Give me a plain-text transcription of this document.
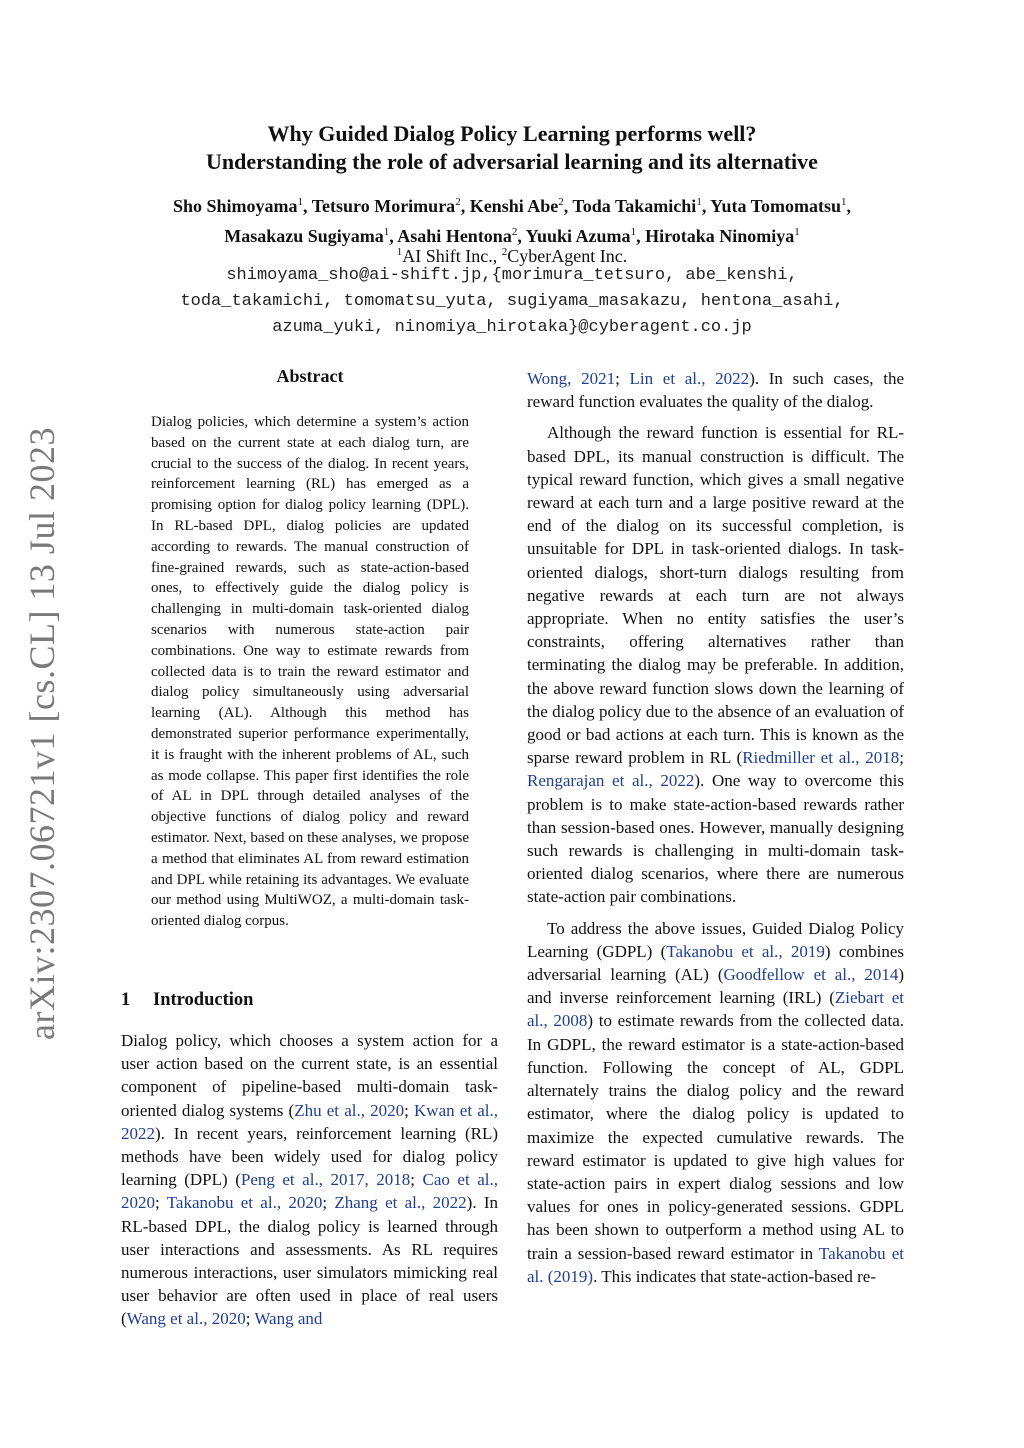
arXiv:2307.06721v1 [cs.CL] 13 Jul 2023
Why Guided Dialog Policy Learning performs well?
Understanding the role of adversarial learning and its alternative
Sho Shimoyama$^1$, Tetsuro Morimura$^2$, Kenshi Abe$^2$, Toda Takamichi$^1$, Yuta Tomomatsu$^1$,
Masakazu Sugiyama$^1$, Asahi Hentona$^2$, Yuuki Azuma$^1$, Hirotaka Ninomiya$^1$
$^1$AI Shift Inc., $^2$CyberAgent Inc.
shimoyama_sho@ai-shift.jp,{morimura_tetsuro, abe_kenshi,
toda_takamichi, tomomatsu_yuta, sugiyama_masakazu, hentona_asahi,
azuma_yuki, ninomiya_hirotaka}@cyberagent.co.jp
Abstract
Dialog policies, which determine a system’s action based on the current state at each dialog turn, are crucial to the success of the dialog. In recent years, reinforcement learning (RL) has emerged as a promising option for dialog policy learning (DPL). In RL-based DPL, dialog policies are updated according to rewards. The manual construction of fine-grained rewards, such as state-action-based ones, to effectively guide the dialog policy is challenging in multi-domain task-oriented dialog scenarios with numerous state-action pair combinations. One way to estimate rewards from collected data is to train the reward estimator and dialog policy simultaneously using adversarial learning (AL). Although this method has demonstrated superior performance experimentally, it is fraught with the inherent problems of AL, such as mode collapse. This paper first identifies the role of AL in DPL through detailed analyses of the objective functions of dialog policy and reward estimator. Next, based on these analyses, we propose a method that eliminates AL from reward estimation and DPL while retaining its advantages. We evaluate our method using MultiWOZ, a multi-domain task-oriented dialog corpus.
1 Introduction

Dialog policy, which chooses a system action for a user action based on the current state, is an essential component of pipeline-based multi-domain task-oriented dialog systems (Zhu et al., 2020; Kwan et al., 2022). In recent years, reinforcement learning (RL) methods have been widely used for dialog policy learning (DPL) (Peng et al., 2017, 2018; Cao et al., 2020; Takanobu et al., 2020; Zhang et al., 2022). In RL-based DPL, the dialog policy is learned through user interactions and assessments. As RL requires numerous interactions, user simulators mimicking real user behavior are often used in place of real users (Wang et al., 2020; Wang and

Wong, 2021; Lin et al., 2022). In such cases, the reward function evaluates the quality of the dialog.

Although the reward function is essential for RL-based DPL, its manual construction is difficult. The typical reward function, which gives a small negative reward at each turn and a large positive reward at the end of the dialog on its successful completion, is unsuitable for DPL in task-oriented dialogs. In task-oriented dialogs, short-turn dialogs resulting from negative rewards at each turn are not always appropriate. When no entity satisfies the user’s constraints, offering alternatives rather than terminating the dialog may be preferable. In addition, the above reward function slows down the learning of the dialog policy due to the absence of an evaluation of good or bad actions at each turn. This is known as the sparse reward problem in RL (Riedmiller et al., 2018; Rengarajan et al., 2022). One way to overcome this problem is to make state-action-based rewards rather than session-based ones. However, manually designing such rewards is challenging in multi-domain task-oriented dialog scenarios, where there are numerous state-action pair combinations.

To address the above issues, Guided Dialog Policy Learning (GDPL) (Takanobu et al., 2019) combines adversarial learning (AL) (Goodfellow et al., 2014) and inverse reinforcement learning (IRL) (Ziebart et al., 2008) to estimate rewards from the collected data. In GDPL, the reward estimator is a state-action-based function. Following the concept of AL, GDPL alternately trains the dialog policy and the reward estimator, where the dialog policy is updated to maximize the expected cumulative rewards. The reward estimator is updated to give high values for state-action pairs in expert dialog sessions and low values for ones in policy-generated sessions. GDPL has been shown to outperform a method using AL to train a session-based reward estimator in Takanobu et al. (2019). This indicates that state-action-based re-
